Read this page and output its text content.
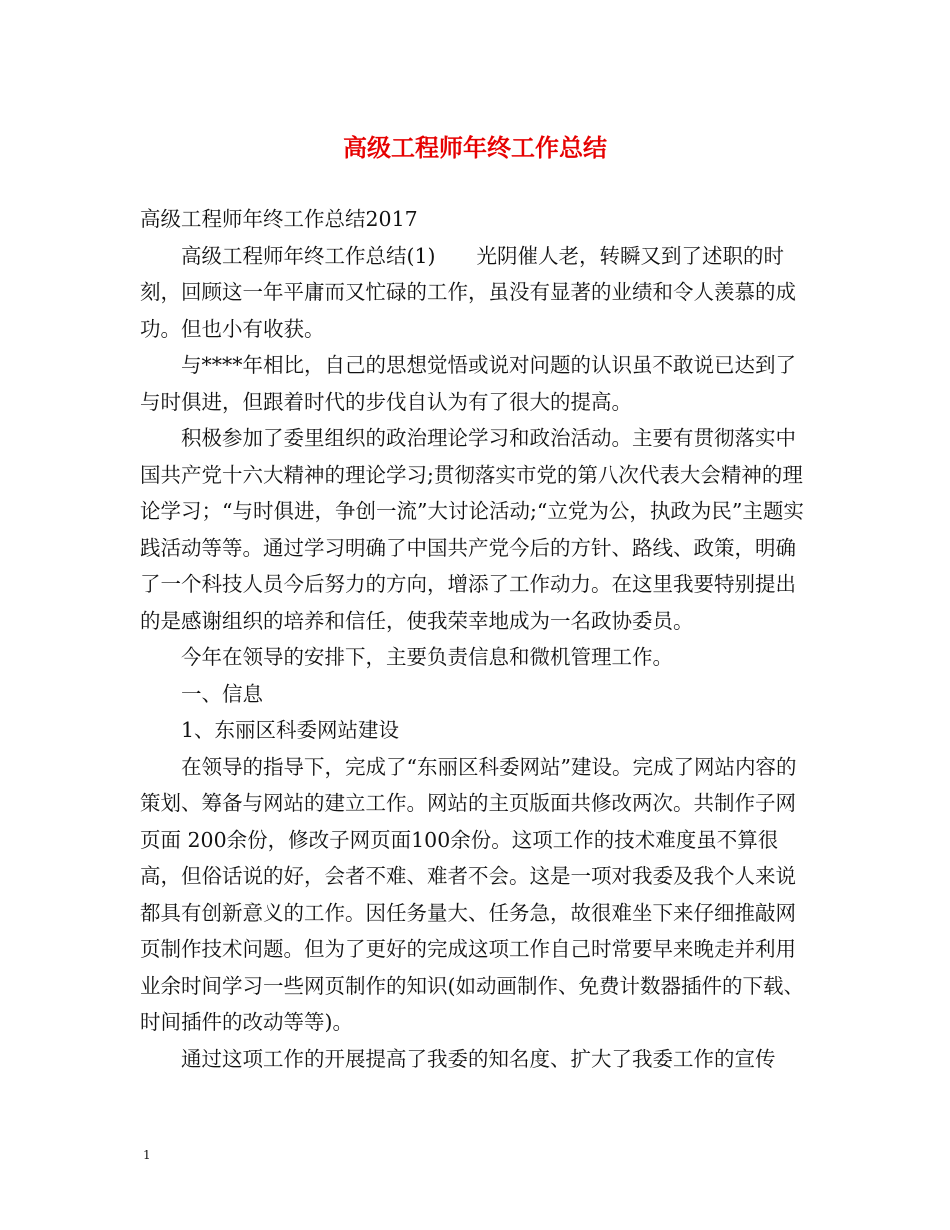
高级工程师年终工作总结

高级工程师年终工作总结2017

高级工程师年终工作总结(1)　　光阴催人老，转瞬又到了述职的时刻，回顾这一年平庸而又忙碌的工作，虽没有显著的业绩和令人羡慕的成功。但也小有收获。

与****年相比，自己的思想觉悟或说对问题的认识虽不敢说已达到了与时俱进，但跟着时代的步伐自认为有了很大的提高。

积极参加了委里组织的政治理论学习和政治活动。主要有贯彻落实中国共产党十六大精神的理论学习;贯彻落实市党的第八次代表大会精神的理论学习；“与时俱进，争创一流”大讨论活动;“立党为公，执政为民”主题实践活动等等。通过学习明确了中国共产党今后的方针、路线、政策，明确了一个科技人员今后努力的方向，增添了工作动力。在这里我要特别提出的是感谢组织的培养和信任，使我荣幸地成为一名政协委员。

今年在领导的安排下，主要负责信息和微机管理工作。

一、信息

1、东丽区科委网站建设

在领导的指导下，完成了“东丽区科委网站”建设。完成了网站内容的策划、筹备与网站的建立工作。网站的主页版面共修改两次。共制作子网页面 200余份，修改子网页面100余份。这项工作的技术难度虽不算很高，但俗话说的好，会者不难、难者不会。这是一项对我委及我个人来说都具有创新意义的工作。因任务量大、任务急，故很难坐下来仔细推敲网页制作技术问题。但为了更好的完成这项工作自己时常要早来晚走并利用业余时间学习一些网页制作的知识(如动画制作、免费计数器插件的下载、时间插件的改动等等)。

通过这项工作的开展提高了我委的知名度、扩大了我委工作的宣传

1
